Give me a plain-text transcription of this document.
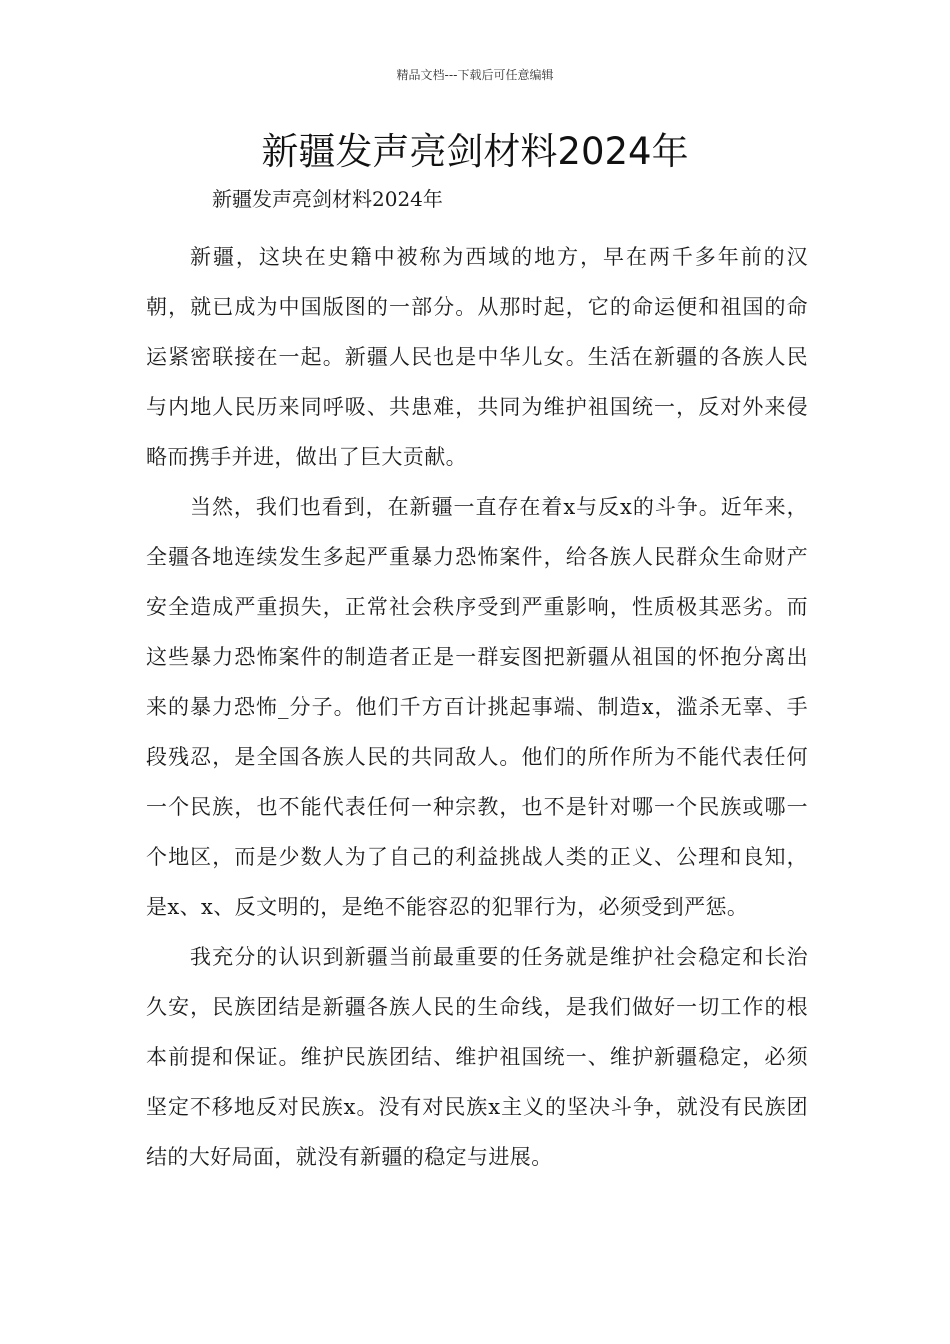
精品文档---下载后可任意编辑
新疆发声亮剑材料2024年
新疆发声亮剑材料2024年

新疆，这块在史籍中被称为西域的地方，早在两千多年前的汉朝，就已成为中国版图的一部分。从那时起，它的命运便和祖国的命运紧密联接在一起。新疆人民也是中华儿女。生活在新疆的各族人民与内地人民历来同呼吸、共患难，共同为维护祖国统一，反对外来侵略而携手并进，做出了巨大贡献。

当然，我们也看到，在新疆一直存在着x与反x的斗争。近年来，全疆各地连续发生多起严重暴力恐怖案件，给各族人民群众生命财产安全造成严重损失，正常社会秩序受到严重影响，性质极其恶劣。而这些暴力恐怖案件的制造者正是一群妄图把新疆从祖国的怀抱分离出来的暴力恐怖_分子。他们千方百计挑起事端、制造x，滥杀无辜、手段残忍，是全国各族人民的共同敌人。他们的所作所为不能代表任何一个民族，也不能代表任何一种宗教，也不是针对哪一个民族或哪一个地区，而是少数人为了自己的利益挑战人类的正义、公理和良知，是x、x、反文明的，是绝不能容忍的犯罪行为，必须受到严惩。

我充分的认识到新疆当前最重要的任务就是维护社会稳定和长治久安，民族团结是新疆各族人民的生命线，是我们做好一切工作的根本前提和保证。维护民族团结、维护祖国统一、维护新疆稳定，必须坚定不移地反对民族x。没有对民族x主义的坚决斗争，就没有民族团结的大好局面，就没有新疆的稳定与进展。
